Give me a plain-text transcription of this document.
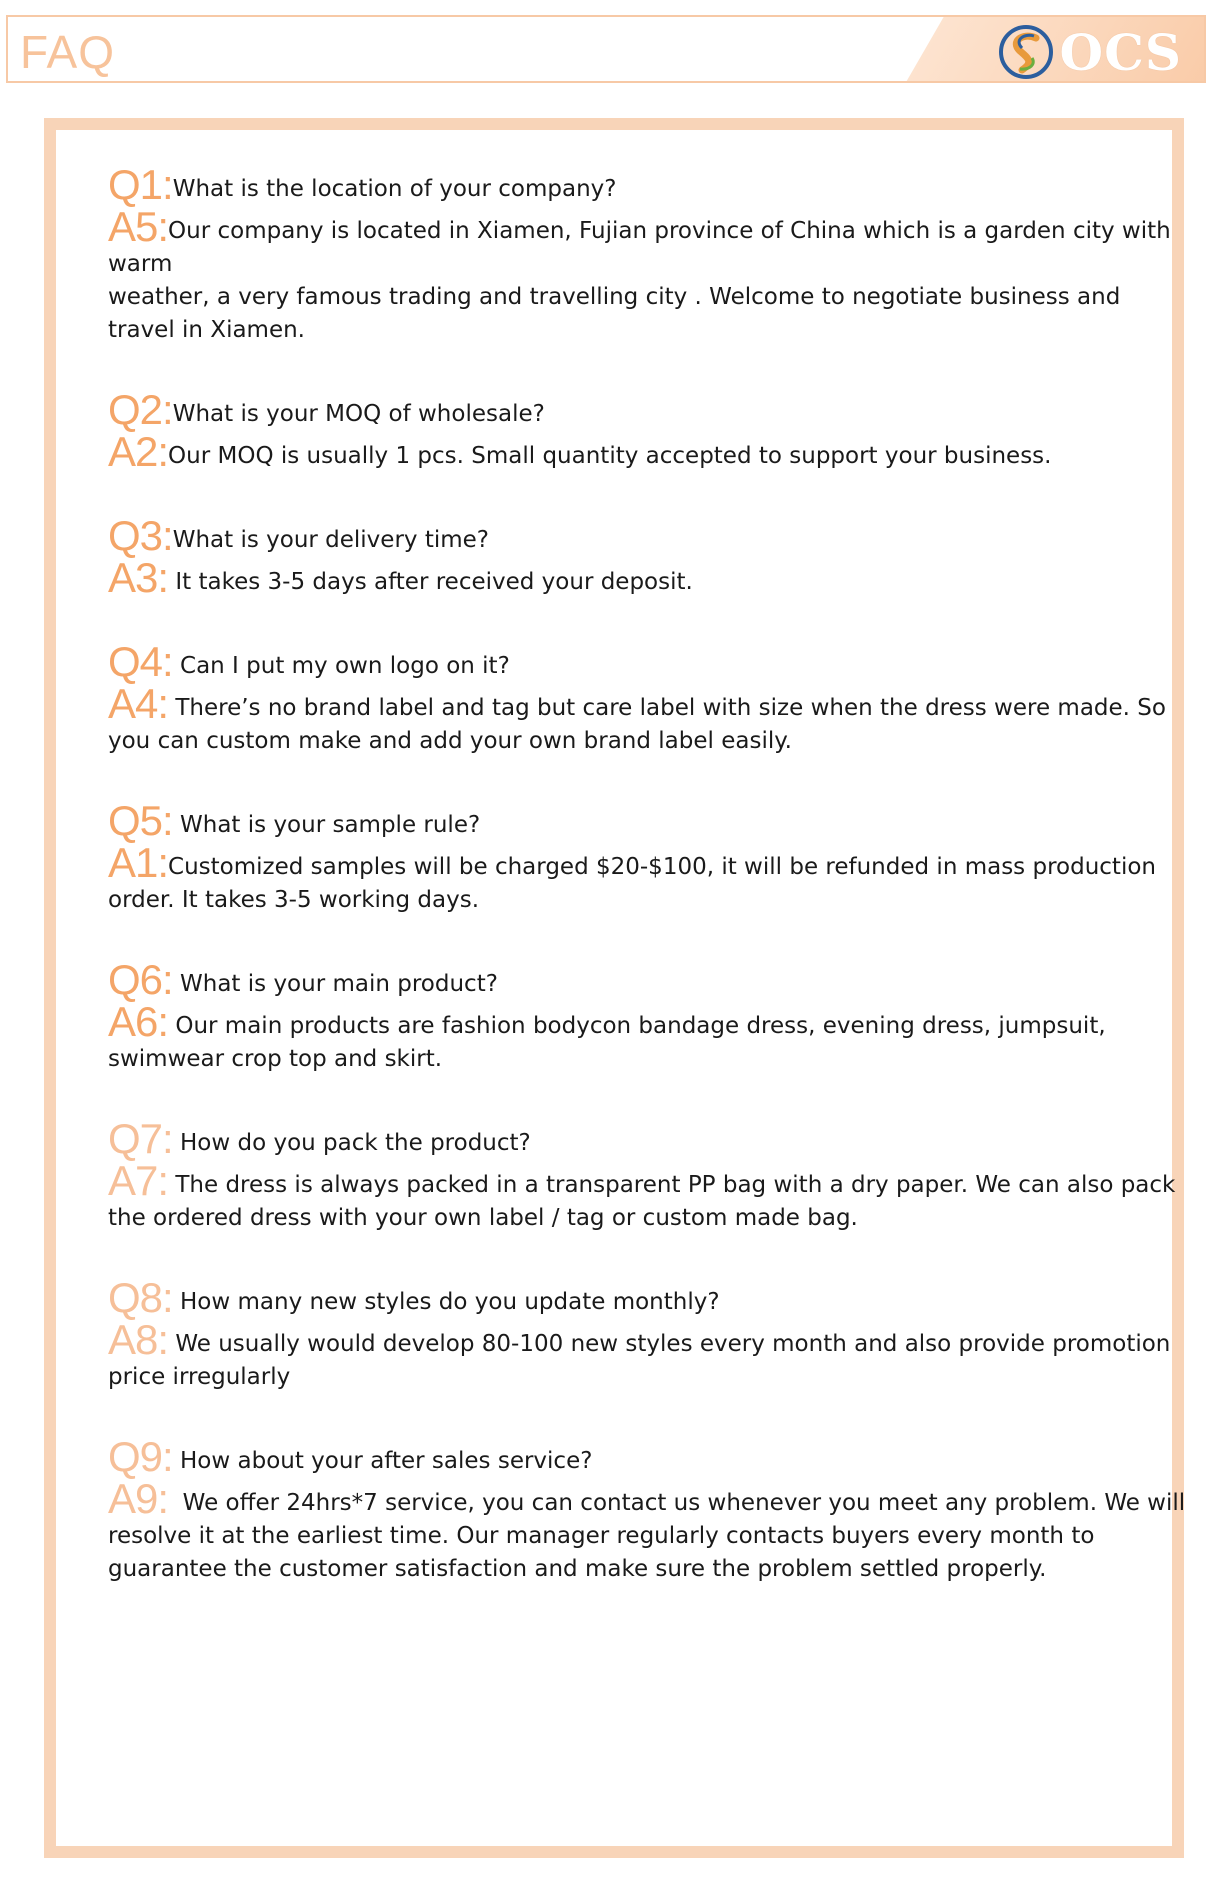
FAQ	OCS
Q1:What is the location of your company?
A5:Our company is located in Xiamen, Fujian province of China which is a garden city with warm
weather, a very famous trading and travelling city . Welcome to negotiate business and travel in Xiamen.
Q2:What is your MOQ of wholesale?
A2:Our MOQ is usually 1 pcs. Small quantity accepted to support your business.
Q3:What is your delivery time?
A3: It takes 3-5 days after received your deposit.
Q4: Can I put my own logo on it?
A4: There’s no brand label and tag but care label with size when the dress were made. So you can custom make and add your own brand label easily.
Q5: What is your sample rule?
A1:Customized samples will be charged $20-$100, it will be refunded in mass production order. It takes 3-5 working days.
Q6: What is your main product?
A6: Our main products are fashion bodycon bandage dress, evening dress, jumpsuit, swimwear crop top and skirt.
Q7: How do you pack the product?
A7: The dress is always packed in a transparent PP bag with a dry paper. We can also pack the ordered dress with your own label / tag or custom made bag.
Q8: How many new styles do you update monthly?
A8: We usually would develop 80-100 new styles every month and also provide promotion price irregularly
Q9: How about your after sales service?
A9:  We offer 24hrs*7 service, you can contact us whenever you meet any problem. We will resolve it at the earliest time. Our manager regularly contacts buyers every month to guarantee the customer satisfaction and make sure the problem settled properly.
